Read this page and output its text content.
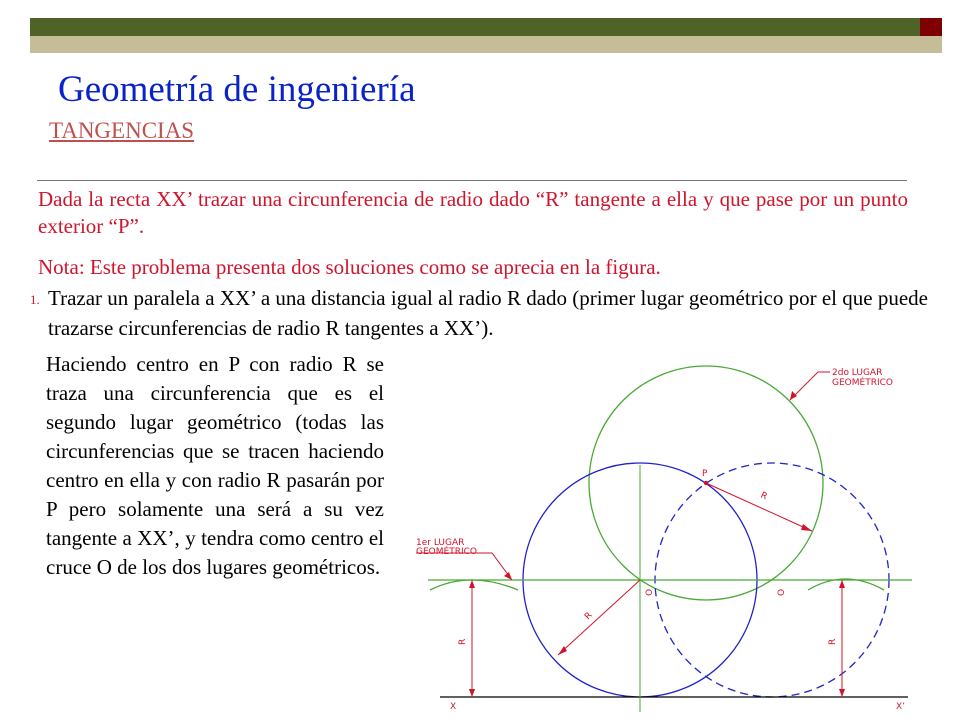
Geometría de ingeniería
TANGENCIAS
Dada la recta XX’ trazar una circunferencia de radio dado “R” tangente a ella y que pase por un punto exterior “P”.
Nota: Este problema presenta dos soluciones como se aprecia en la figura.
1. Trazar un paralela a XX’ a una distancia igual al radio R dado (primer lugar geométrico por el que puede trazarse circunferencias de radio R tangentes a XX’).
Haciendo centro en P con radio R se traza una circunferencia que es el segundo lugar geométrico (todas las circunferencias que se tracen haciendo centro en ella y con radio R pasarán por P pero solamente una será a su vez tangente a XX’, y tendra como centro el cruce O de los dos lugares geométricos.
2do LUGAR
GEOMÉTRICO
1er LUGAR
GEOMÉTRICO
P
R
R
R	R
O	O
X	X’
